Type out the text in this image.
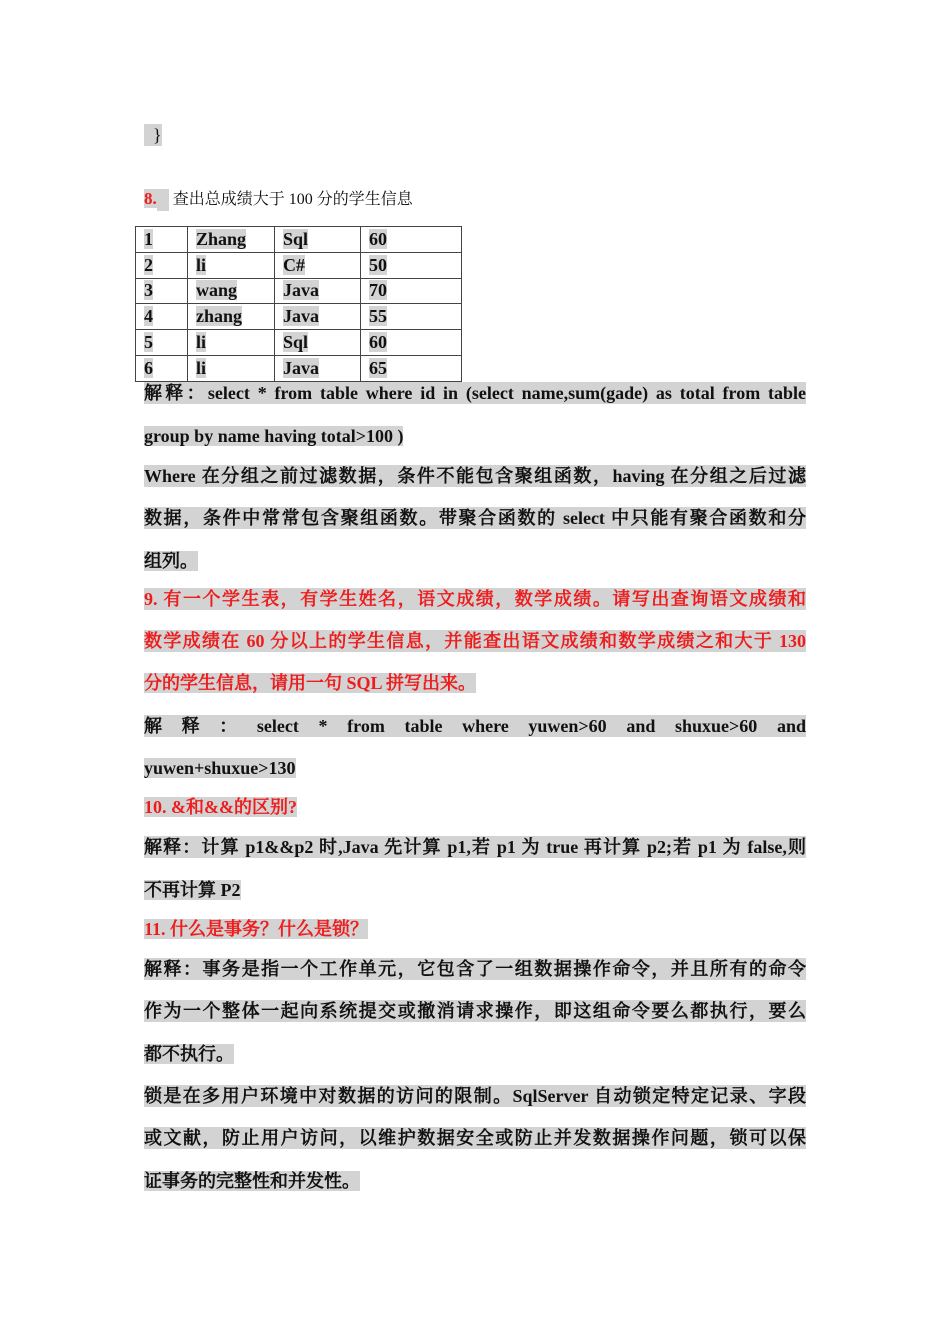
}
8. 查出总成绩大于 100 分的学生信息
1	Zhang	Sql	60
2	li	C#	50
3	wang	Java	70
4	zhang	Java	55
5	li	Sql	60
6	li	Java	65
解释：select * from table where id in (select name,sum(gade) as total from table
group by name having total>100 )
Where 在分组之前过滤数据，条件不能包含聚组函数，having 在分组之后过滤
数据，条件中常常包含聚组函数。带聚合函数的 select 中只能有聚合函数和分
组列。
9. 有一个学生表，有学生姓名，语文成绩，数学成绩。请写出查询语文成绩和
数学成绩在 60 分以上的学生信息，并能查出语文成绩和数学成绩之和大于 130
分的学生信息，请用一句 SQL 拼写出来。
解 释 ： select * from table where yuwen>60 and shuxue>60 and
yuwen+shuxue>130
10. &和&&的区别?
解释：计算 p1&&p2 时,Java 先计算 p1,若 p1 为 true 再计算 p2;若 p1 为 false,则
不再计算 P2
11. 什么是事务？什么是锁？
解释：事务是指一个工作单元，它包含了一组数据操作命令，并且所有的命令
作为一个整体一起向系统提交或撤消请求操作，即这组命令要么都执行，要么
都不执行。
锁是在多用户环境中对数据的访问的限制。SqlServer 自动锁定特定记录、字段
或文献，防止用户访问，以维护数据安全或防止并发数据操作问题，锁可以保
证事务的完整性和并发性。
